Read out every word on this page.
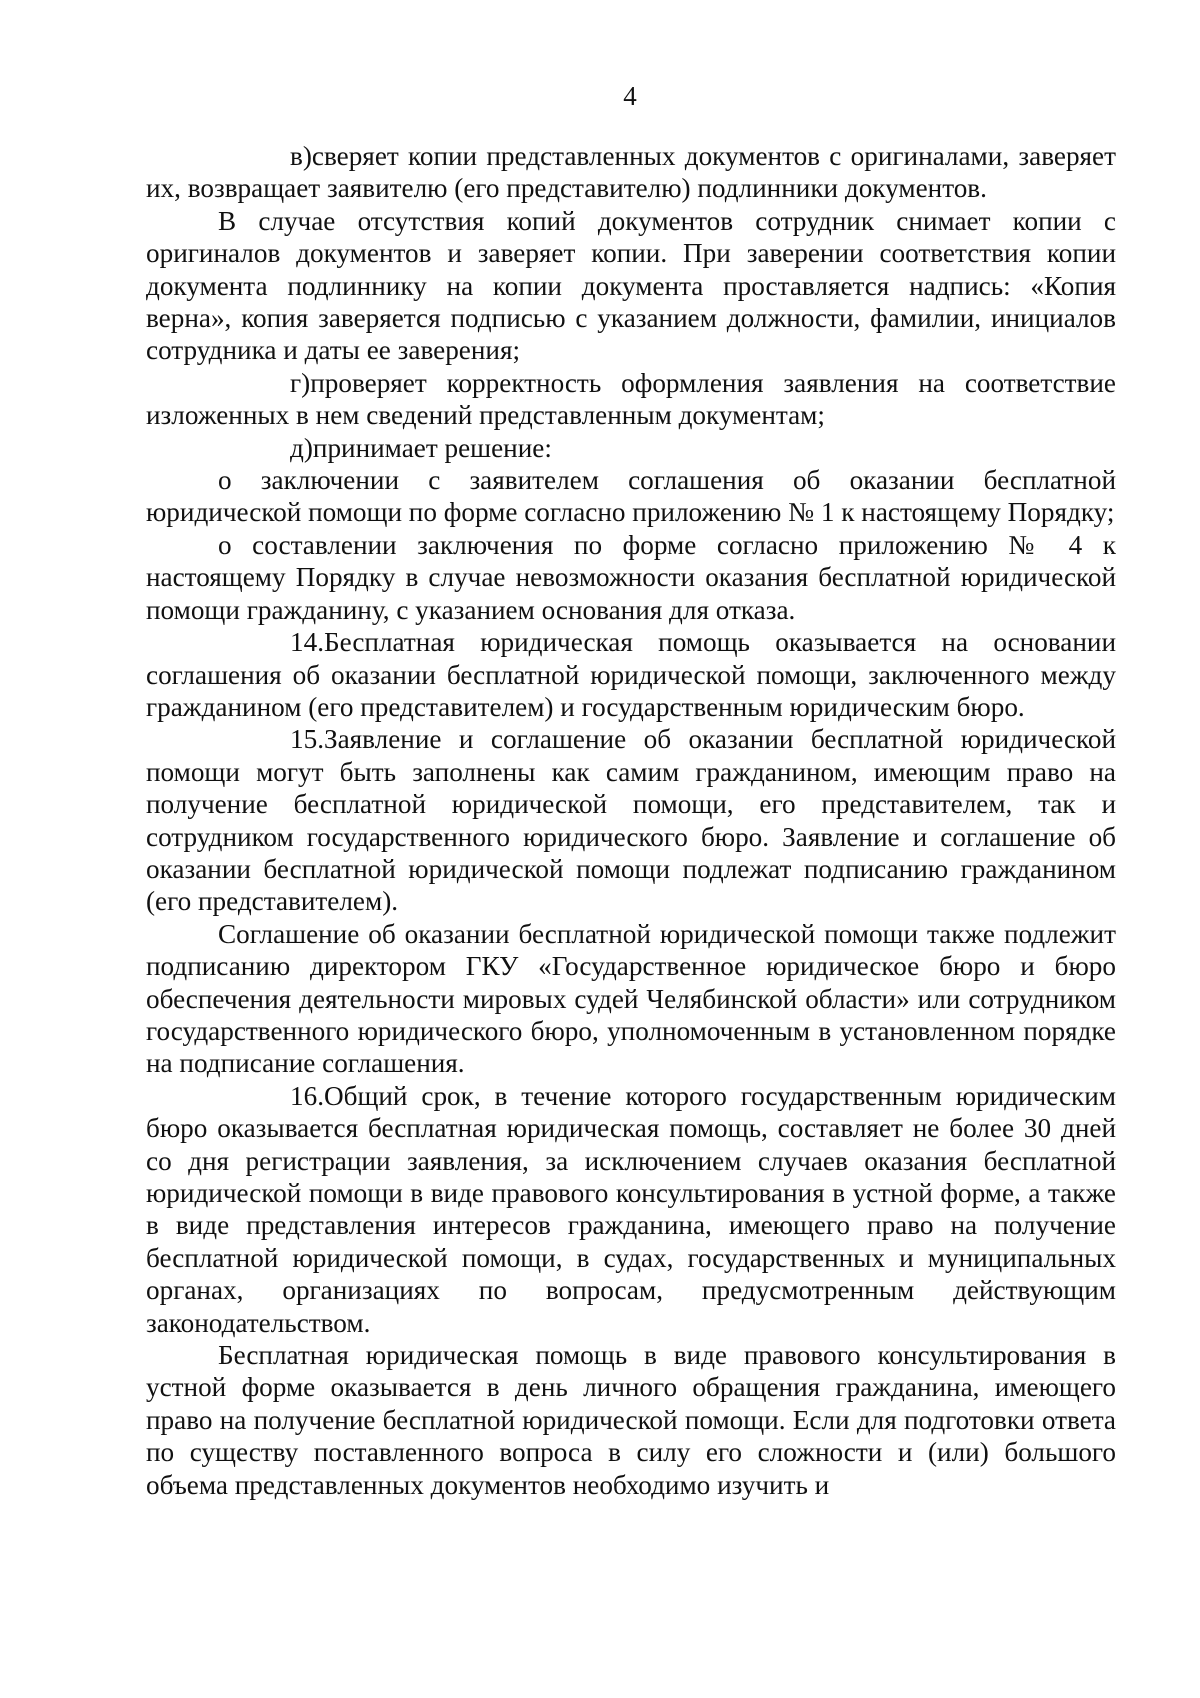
4

в)сверяет копии представленных документов с оригиналами, заверяет их, возвращает заявителю (его представителю) подлинники документов.

В случае отсутствия копий документов сотрудник снимает копии с оригиналов документов и заверяет копии. При заверении соответствия копии документа подлиннику на копии документа проставляется надпись: «Копия верна», копия заверяется подписью с указанием должности, фамилии, инициалов сотрудника и даты ее заверения;

г)проверяет корректность оформления заявления на соответствие изложенных в нем сведений представленным документам;

д)принимает решение:

о заключении с заявителем соглашения об оказании бесплатной юридической помощи по форме согласно приложению № 1 к настоящему Порядку;

о составлении заключения по форме согласно приложению № 4 к настоящему Порядку в случае невозможности оказания бесплатной юридической помощи гражданину, с указанием основания для отказа.

14.Бесплатная юридическая помощь оказывается на основании соглашения об оказании бесплатной юридической помощи, заключенного между гражданином (его представителем) и государственным юридическим бюро.

15.Заявление и соглашение об оказании бесплатной юридической помощи могут быть заполнены как самим гражданином, имеющим право на получение бесплатной юридической помощи, его представителем, так и сотрудником государственного юридического бюро. Заявление и соглашение об оказании бесплатной юридической помощи подлежат подписанию гражданином (его представителем).

Соглашение об оказании бесплатной юридической помощи также подлежит подписанию директором ГКУ «Государственное юридическое бюро и бюро обеспечения деятельности мировых судей Челябинской области» или сотрудником государственного юридического бюро, уполномоченным в установленном порядке на подписание соглашения.

16.Общий срок, в течение которого государственным юридическим бюро оказывается бесплатная юридическая помощь, составляет не более 30 дней со дня регистрации заявления, за исключением случаев оказания бесплатной юридической помощи в виде правового консультирования в устной форме, а также в виде представления интересов гражданина, имеющего право на получение бесплатной юридической помощи, в судах, государственных и муниципальных органах, организациях по вопросам, предусмотренным действующим законодательством.

Бесплатная юридическая помощь в виде правового консультирования в устной форме оказывается в день личного обращения гражданина, имеющего право на получение бесплатной юридической помощи. Если для подготовки ответа по существу поставленного вопроса в силу его сложности и (или) большого объема представленных документов необходимо изучить и
